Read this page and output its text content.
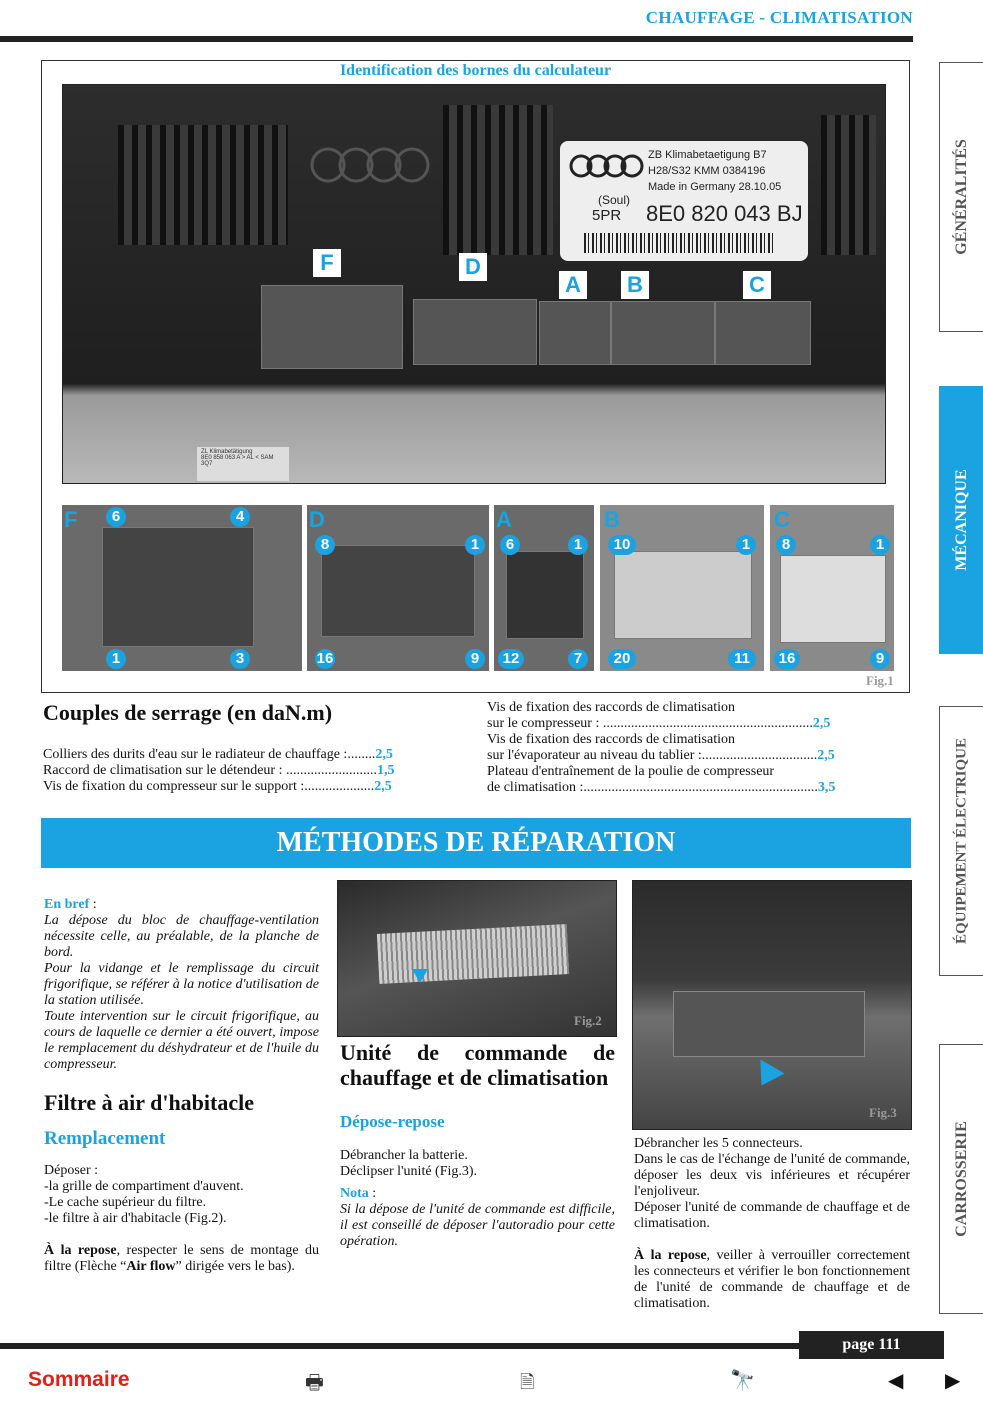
CHAUFFAGE - CLIMATISATION
GÉNÉRALITÉS
MÉCANIQUE
ÉQUIPEMENT ÉLECTRIQUE
CARROSSERIE
Identification des bornes du calculateur
ZB Klimabetaetigung B7
H28/S32 KMM 0384196
Made in Germany 28.10.05
(Soul)
5PR 8E0 820 043 BJ
F	D
A B	C
ZL Klimabetätigung
8E0 858 063 A > AL < SAM
3Q7
F	6	4
1	3
D
8	1
16	9
A
6	1
12	7
B
10	1
20	11
C
8	1
16	9
Fig.1
Couples de serrage (en daN.m)
Colliers des durits d'eau sur le radiateur de chauffage :........2,5
Raccord de climatisation sur le détendeur : ..........................1,5
Vis de fixation du compresseur sur le support :....................2,5
Vis de fixation des raccords de climatisation
sur le compresseur : ............................................................2,5
Vis de fixation des raccords de climatisation
sur l'évaporateur au niveau du tablier :.................................2,5
Plateau d'entraînement de la poulie de compresseur
de climatisation :...................................................................3,5
MÉTHODES DE RÉPARATION
En bref :
La dépose du bloc de chauffage-ventilation nécessite celle, au préalable, de la planche de bord.
Pour la vidange et le remplissage du circuit frigorifique, se référer à la notice d'utilisation de la station utilisée.
Toute intervention sur le circuit frigorifique, au cours de laquelle ce dernier a été ouvert, impose le remplacement du déshydrateur et de l'huile du compresseur.
Filtre à air d'habitacle
Remplacement
Déposer :
-la grille de compartiment d'auvent.
-Le cache supérieur du filtre.
-le filtre à air d'habitacle (Fig.2).
À la repose, respecter le sens de montage du filtre (Flèche “Air flow” dirigée vers le bas).
Fig.2
Unité de commande de chauffage et de climatisation
Dépose-repose
Débrancher la batterie.
Déclipser l'unité (Fig.3).
Nota :
Si la dépose de l'unité de commande est difficile, il est conseillé de déposer l'autoradio pour cette opération.
Fig.3
Débrancher les 5 connecteurs.
Dans le cas de l'échange de l'unité de commande, déposer les deux vis inférieures et récupérer l'enjoliveur.
Déposer l'unité de commande de chauffage et de climatisation.
À la repose, veiller à verrouiller correctement les connecteurs et vérifier le bon fonctionnement de l'unité de commande de chauffage et de climatisation.
page 111
Sommaire	🖶	🗎	🔭	◀ ▶
